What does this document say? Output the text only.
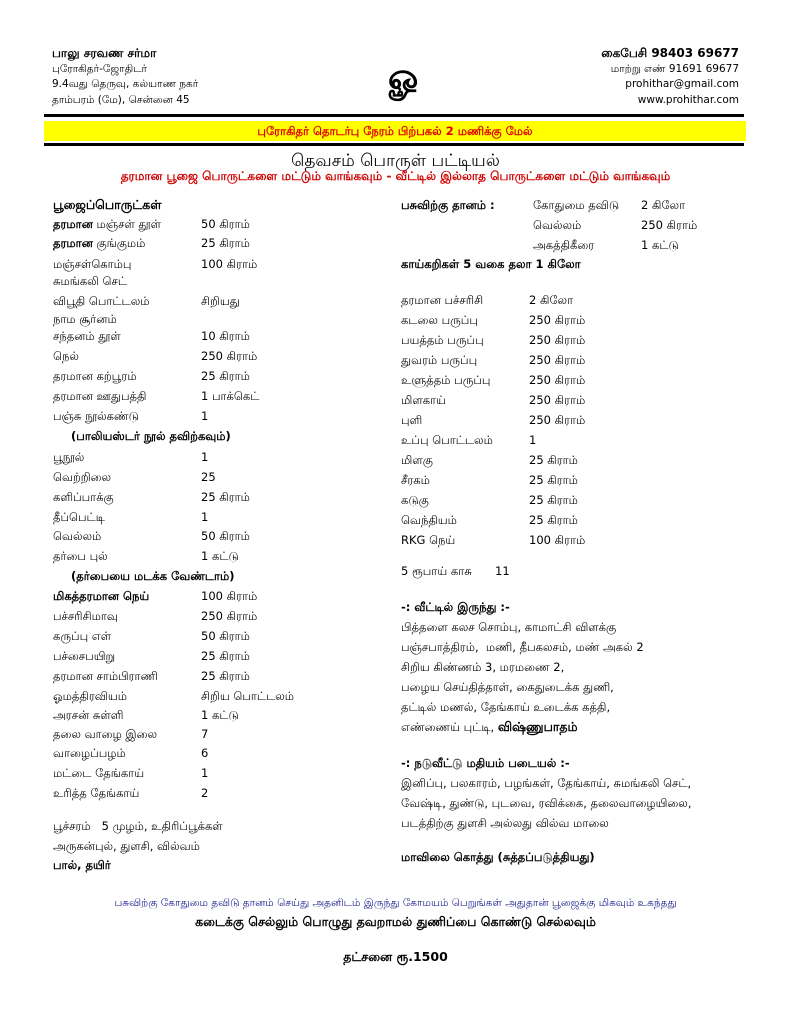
பாலு சரவண சர்மா
புரோகிதர்-ஜோதிடர்
9.4வது தெருவு, கல்யாண நகர்
தாம்பரம் (மே), சென்னை 45
ௐ
கைபேசி 98403 69677
மாற்று எண் 91691 69677
prohithar@gmail.com
www.prohithar.com
புரோகிதர் தொடர்பு நேரம் பிற்பகல் 2 மணிக்கு மேல்
தெவசம் பொருள் பட்டியல்
தரமான பூஜை பொருட்களை மட்டும் வாங்கவும் - வீட்டில் இல்லாத பொருட்களை மட்டும் வாங்கவும்
பூஜைப்பொருட்கள்
தரமான மஞ்சள் தூள்	50 கிராம்
தரமான குங்குமம்	25 கிராம்
மஞ்சள்கொம்பு	100 கிராம்
சுமங்கலி செட்
விபூதி பொட்டலம்	சிறியது
நாம சூர்னம்
சந்தனம் தூள்	10 கிராம்
நெல்	250 கிராம்
தரமான கற்பூரம்	25 கிராம்
தரமான ஊதுபத்தி	1 பாக்கெட்
பஞ்சு நூல்கண்டு	1
(பாலியஸ்டர் நூல் தவிற்கவும்)
பூநூல்	1
வெற்றிலை	25
களிப்பாக்கு	25 கிராம்
தீப்பெட்டி	1
வெல்லம்	50 கிராம்
தர்பை புல்	1 கட்டு
(தர்பையை மடக்க வேண்டாம்)
மிகத்தரமான நெய்	100 கிராம்
பச்சரிசிமாவு	250 கிராம்
கருப்பு எள்	50 கிராம்
பச்சைபயிறு	25 கிராம்
தரமான சாம்பிராணி	25 கிராம்
ஓமத்திரவியம்	சிறிய பொட்டலம்
அரசன் சுள்ளி	1 கட்டு
தலை வாழை இலை	7
வாழைப்பழம்	6
மட்டை தேங்காய்	1
உரித்த தேங்காய்	2
பூச்சரம்   5 முழம், உதிரிப்பூக்கள்
அருகன்புல், துளசி, வில்வம்
பால், தயிர்
பசுவிற்கு தானம் :	கோதுமை தவிடு 2 கிலோ
வெல்லம்	250 கிராம்
அகத்திகீரை	1 கட்டு
காய்கறிகள் 5 வகை தலா 1 கிலோ
தரமான பச்சரிசி	2 கிலோ
கடலை பருப்பு	250 கிராம்
பயத்தம் பருப்பு	250 கிராம்
துவரம் பருப்பு	250 கிராம்
உளுத்தம் பருப்பு	250 கிராம்
மிளகாய்	250 கிராம்
புளி	250 கிராம்
உப்பு பொட்டலம்	1
மிளகு	25 கிராம்
சீரகம்	25 கிராம்
கடுகு	25 கிராம்
வெந்தியம்	25 கிராம்
RKG நெய்	100 கிராம்
5 ரூபாய் காசு 11
-: வீட்டில் இருந்து :-
பித்தளை கலச சொம்பு, காமாட்சி விளக்கு
பஞ்சபாத்திரம்,  மணி, தீபகலசம், மண் அகல் 2
சிறிய கிண்ணம் 3, மரமணை 2,
பழைய செய்தித்தாள், கைதுடைக்க துணி,
தட்டில் மணல், தேங்காய் உடைக்க கத்தி,
எண்ணைய் புட்டி, விஷ்ணுபாதம்
-: நடுவீட்டு மதியம் படையல் :-
இனிப்பு, பலகாரம், பழங்கள், தேங்காய், சுமங்கலி செட்,
வேஷ்டி, துண்டு, புடவை, ரவிக்கை, தலைவாழையிலை,
படத்திற்கு துளசி அல்லது வில்வ மாலை
மாவிலை கொத்து (சுத்தப்படுத்தியது)
பசுவிற்கு கோதுமை தவிடு தானம் செய்து அதனிடம் இருந்து கோமயம் பெறுங்கள் அதுதான் பூஜைக்கு மிகவும் உகந்தது
கடைக்கு செல்லும் பொழுது தவறாமல் துணிப்பை கொண்டு செல்லவும்
தட்சனை ரூ.1500
